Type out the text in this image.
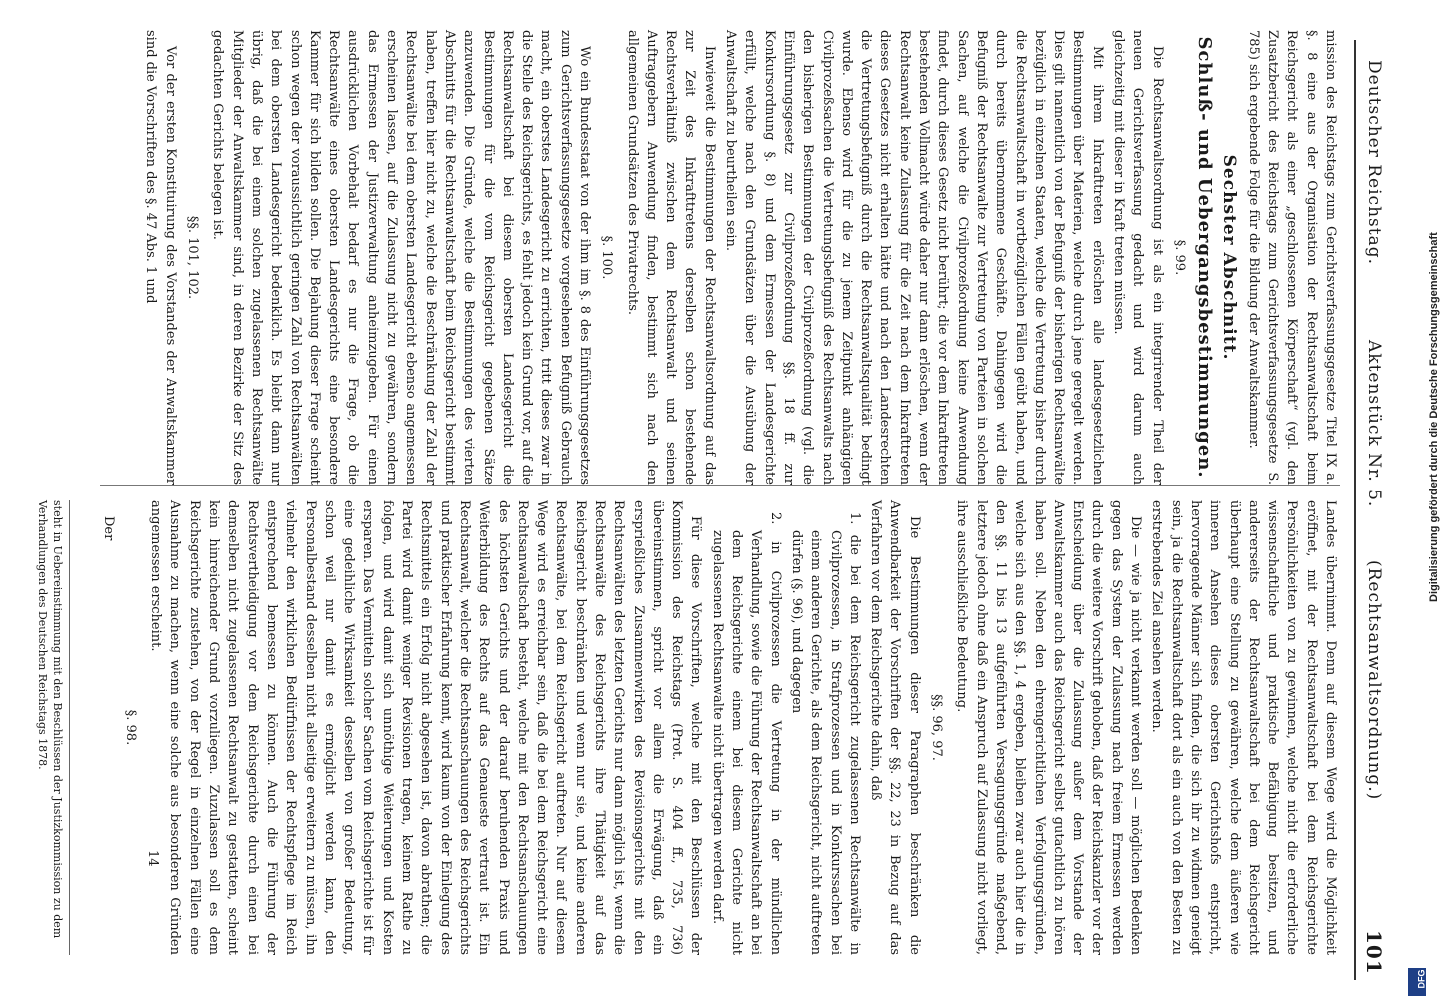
Deutscher Reichstag.
Aktenstück Nr. 5.
(Rechtsanwaltsordnung.)
101

mission des Reichstags zum Gerichtsverfassungsgesetze Titel IX a. §. 8 eine aus der Organisation der Rechtsanwaltschaft beim Reichsgericht als einer „geschlossenen Körperschaft“ (vgl. den Zusatzbericht des Reichstags zum Gerichtsverfassungsgesetze S. 785) sich ergebende Folge für die Bildung der Anwaltskammer.

Sechster Abschnitt.
Schluß- und Uebergangsbestimmungen.
§. 99.

Die Rechtsanwaltsordnung ist als ein integrirender Theil der neuen Gerichtsverfassung gedacht und wird darum auch gleichzeitig mit dieser in Kraft treten müssen.

Mit ihrem Inkrafttreten erlöschen alle landesgesetzlichen Bestimmungen über Materien, welche durch jene geregelt werden. Dies gilt namentlich von der Befugniß der bisherigen Rechtsanwälte bezüglich in einzelnen Staaten, welche die Vertretung bisher durch die Rechtsanwaltschaft in wortbezüglichen Fällen geübt haben, und durch bereits übernommene Geschäfte. Dahingegen wird die Befugniß der Rechtsanwalte zur Vertretung von Parteien in solchen Sachen, auf welche die Civilprozeßordnung keine Anwendung findet, durch dieses Gesetz nicht berührt; die vor dem Inkrafttreten bestehenden Vollmacht würde daher nur dann erlöschen, wenn der Rechtsanwalt keine Zulassung für die Zeit nach dem Inkrafttreten dieses Gesetzes nicht erhalten hätte und nach den Landesrechten die Vertretungsbefugniß durch die Rechtsanwaltsqualität bedingt wurde. Ebenso wird für die zu jenem Zeitpunkt anhängigen Civilprozeßsachen die Vertretungsbefugniß des Rechtsanwalts nach den bisherigen Bestimmungen der Civilprozeßordnung (vgl. die Einführungsgesetz zur Civilprozeßordnung §§. 18 ff. zur Konkursordnung §. 8) und dem Ermessen der Landesgerichte erfüllt, welche nach den Grundsätzen über die Ausübung der Anwaltschaft zu beurtheilen sein.

Inwieweit die Bestimmungen der Rechtsanwaltsordnung auf das zur Zeit des Inkrafttretens derselben schon bestehende Rechtsverhältniß zwischen dem Rechtsanwalt und seinen Auftraggebern Anwendung finden, bestimmt sich nach den allgemeinen Grundsätzen des Privatrechts.

§. 100.

Wo ein Bundesstaat von der ihm im §. 8 des Einführungsgesetzes zum Gerichtsverfassungsgesetze vorgesehenen Befugniß Gebrauch macht, ein oberstes Landesgericht zu errichten, tritt dieses zwar in die Stelle des Reichsgerichts, es fehlt jedoch kein Grund vor, auf die Rechtsanwaltschaft bei diesem obersten Landesgericht die Bestimmungen für die vom Reichsgericht gegebenen Sätze anzuwenden. Die Gründe, welche die Bestimmungen des vierten Abschnitts für die Rechtsanwaltschaft beim Reichsgericht bestimmt haben, treffen hier nicht zu, welche die Beschränkung der Zahl der Rechtsanwälte bei dem obersten Landesgericht ebenso angemessen erscheinen lassen, auf die Zulassung nicht zu gewähren, sondern das Ermessen der Justizverwaltung anheimzugeben. Für einen ausdrücklichen Vorbehalt bedarf es nur die Frage, ob die Rechtsanwälte eines obersten Landesgerichts eine besondere Kammer für sich bilden sollen. Die Bejahung dieser Frage scheint schon wegen der voraussichtlich geringen Zahl von Rechtsanwälten bei dem obersten Landesgericht bedenklich. Es bleibt dann nur übrig, daß die bei einem solchen zugelassenen Rechtsanwälte Mitglieder der Anwaltskammer sind, in deren Bezirke der Sitz des gedachten Gerichts belegen ist.

§§. 101, 102.

Vor der ersten Konstituirung des Vorstandes der Anwaltskammer sind die Vorschriften des §. 47 Abs. 1 und

Landes übernimmt. Denn auf diesem Wege wird die Möglichkeit eröffnet, mit der Rechtsanwaltschaft bei dem Reichsgerichte Persönlichkeiten von zu gewinnen, welche nicht die erforderliche wissenschaftliche und praktische Befähigung besitzen, und andererseits der Rechtsanwaltschaft bei dem Reichsgericht überhaupt eine Stellung zu gewähren, welche dem äußeren wie inneren Ansehen dieses obersten Gerichtshofs entspricht, hervorragende Männer sich finden, die sich ihr zu widmen geneigt sein, ja die Rechtsanwaltschaft dort als ein auch von den Besten zu erstrebendes Ziel ansehen werden.

Die — wie ja nicht verkannt werden soll — möglichen Bedenken gegen das System der Zulassung nach freiem Ermessen werden durch die weitere Vorschrift gehoben, daß der Reichskanzler vor der Entscheidung über die Zulassung außer dem Vorstande der Anwaltskammer auch das Reichsgericht selbst gutachtlich zu hören haben soll. Neben den ehrengerichtlichen Verfolgungsgründen, welche sich aus den §§. 1, 4 ergeben, bleiben zwar auch hier die in den §§. 11 bis 13 aufgeführten Versagungsgründe maßgebend, letztere jedoch ohne daß ein Anspruch auf Zulassung nicht vorliegt, ihre ausschließliche Bedeutung.

§§. 96, 97.

Die Bestimmungen dieser Paragraphen beschränken die Anwendbarkeit der Vorschriften der §§. 22, 23 in Bezug auf das Verfahren vor dem Reichsgerichte dahin, daß

1. die bei dem Reichsgericht zugelassenen Rechtsanwälte in Civilprozessen, in Strafprozessen und in Konkurssachen bei einem anderen Gerichte, als dem Reichsgericht, nicht auftreten dürfen (§. 96), und dagegen

2. in Civilprozessen die Vertretung in der mündlichen Verhandlung, sowie die Führung der Rechtsanwaltschaft an bei dem Reichsgerichte einem bei diesem Gerichte nicht zugelassenen Rechtsanwalte nicht übertragen werden darf.

Für diese Vorschriften, welche mit den Beschlüssen der Kommission des Reichstags (Prot. S. 404 ff., 735, 736) übereinstimmen, spricht vor allem die Erwägung, daß ein ersprießliches Zusammenwirken des Revisionsgerichts mit den Rechtsanwälten des letzten Gerichts nur dann möglich ist, wenn die Rechtsanwälte des Reichsgerichts ihre Thätigkeit auf das Reichsgericht beschränken und wenn nur sie, und keine anderen Rechtsanwälte, bei dem Reichsgericht auftreten. Nur auf diesem Wege wird es erreichbar sein, daß die bei dem Reichsgericht eine Rechtsanwaltschaft besteht, welche mit den Rechtsanschauungen des höchsten Gerichts und der darauf beruhenden Praxis und Weiterbildung des Rechts auf das Genaueste vertraut ist. Ein Rechtsanwalt, welcher die Rechtsanschauungen des Reichsgerichts und praktischer Erfahrung kennt, wird kaum von der Einlegung des Rechtsmittels ein Erfolg nicht abgesehen ist, davon abrathen; die Partei wird damit weniger Revisionen tragen, keinem Rathe zu folgen, und wird damit sich unnöthige Weiterungen und Kosten ersparen. Das Vermitteln solcher Sachen vom Reichsgerichte ist für eine gedeihliche Wirksamkeit desselben von großer Bedeutung, schon weil nur damit es ermöglicht werden kann, den Personalbestand desselben nicht allseitige erweitern zu müssen, ihn vielmehr den wirklichen Bedürfnissen der Rechtspflege im Reich entsprechend bemessen zu können. Auch die Führung der Rechtsvertheidigung vor dem Reichsgerichte durch einen bei demselben nicht zugelassenen Rechtsanwalt zu gestatten, scheint kein hinreichender Grund vorzuliegen. Zuzulassen soll es dem Reichsgerichte zustehen, von der Regel in einzelnen Fällen eine Ausnahme zu machen, wenn eine solche aus besonderen Gründen angemessen erscheint.

§. 98.

Der

steht in Uebereinstimmung mit den Beschlüssen der Justizkommission zu dem Verhandlungen des Deutschen Reichstags 1878.
14
Digitalisierung gefördert durch die Deutsche Forschungsgemeinschaft
DFG
